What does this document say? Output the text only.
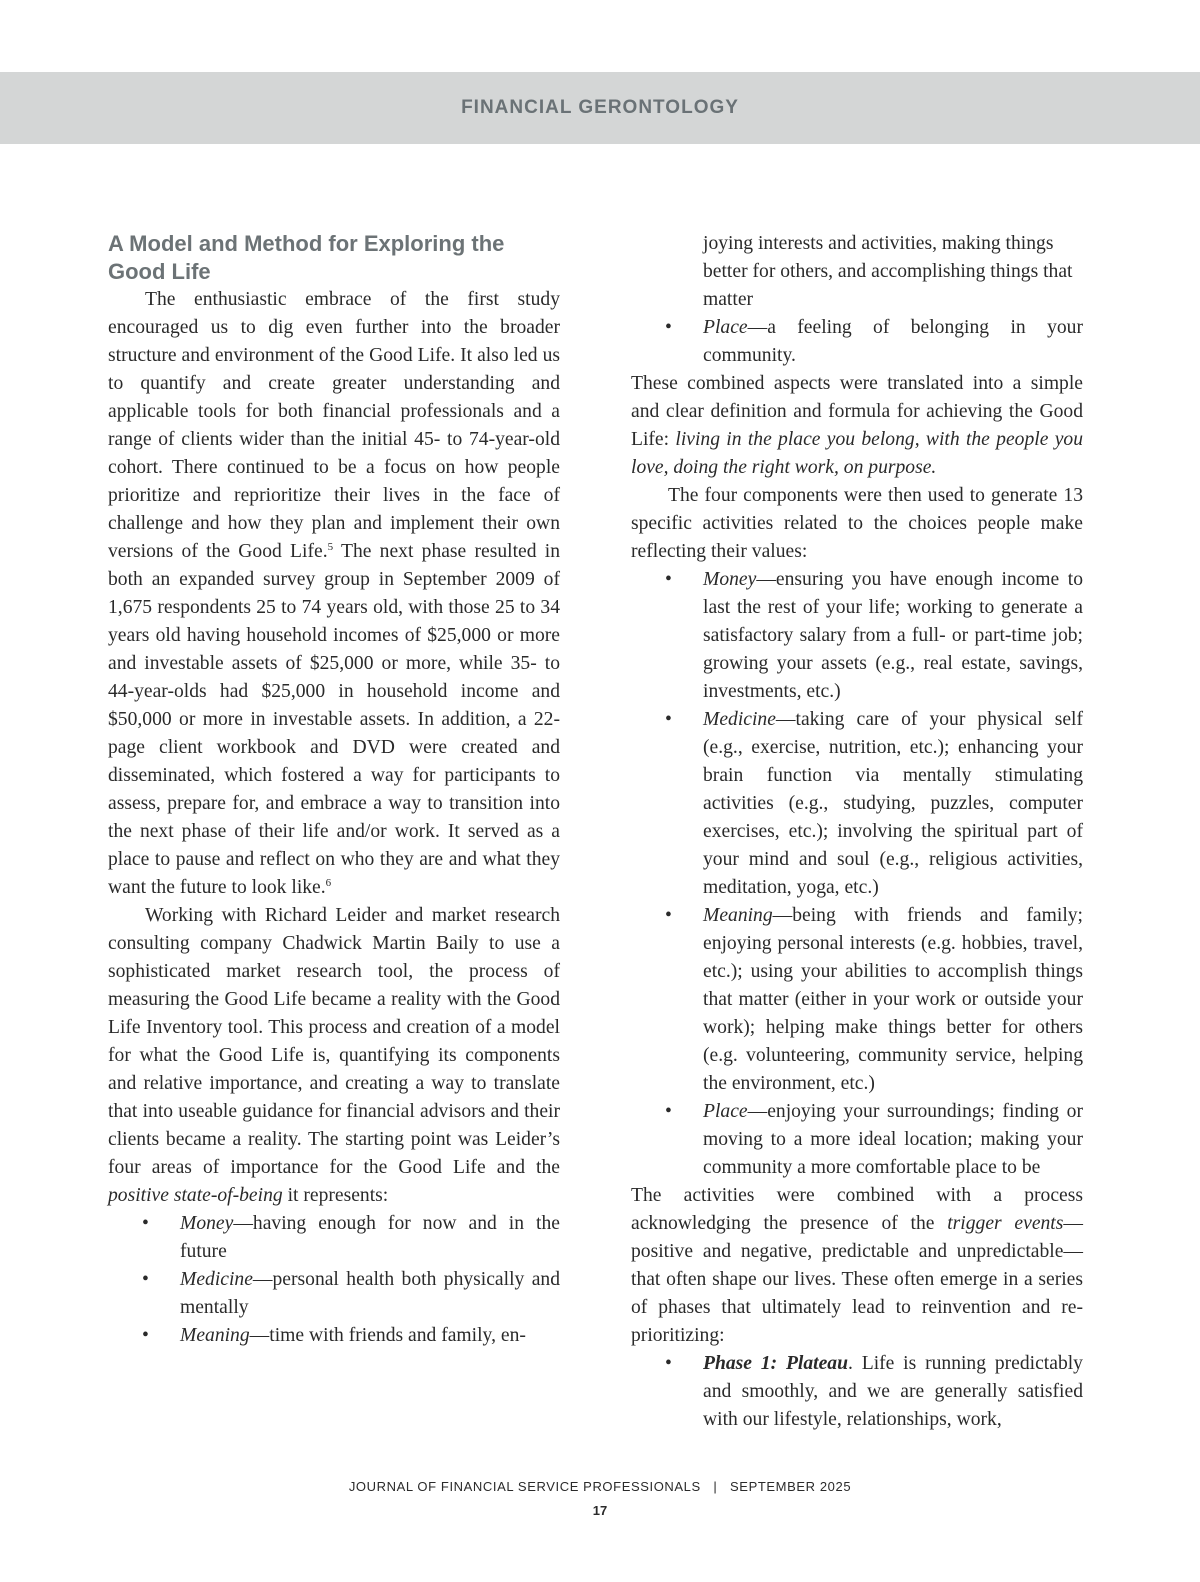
FINANCIAL GERONTOLOGY
A Model and Method for Exploring the Good Life

The enthusiastic embrace of the first study encouraged us to dig even further into the broader structure and environment of the Good Life. It also led us to quantify and create greater understanding and applicable tools for both financial professionals and a range of clients wider than the initial 45- to 74-year-old cohort. There continued to be a focus on how people prioritize and reprioritize their lives in the face of challenge and how they plan and implement their own versions of the Good Life.$^5$ The next phase resulted in both an expanded survey group in September 2009 of 1,675 respondents 25 to 74 years old, with those 25 to 34 years old having household incomes of $25,000 or more and investable assets of $25,000 or more, while 35- to 44-year-olds had $25,000 in household income and $50,000 or more in investable assets. In addition, a 22-page client workbook and DVD were created and disseminated, which fostered a way for participants to assess, prepare for, and embrace a way to transition into the next phase of their life and/or work. It served as a place to pause and reflect on who they are and what they want the future to look like.$^6$

Working with Richard Leider and market research consulting company Chadwick Martin Baily to use a sophisticated market research tool, the process of measuring the Good Life became a reality with the Good Life Inventory tool. This process and creation of a model for what the Good Life is, quantifying its components and relative importance, and creating a way to translate that into useable guidance for financial advisors and their clients became a reality. The starting point was Leider’s four areas of importance for the Good Life and the positive state-of-being it represents:

• Money—having enough for now and in the future
• Medicine—personal health both physically and mentally
• Meaning—time with friends and family, en-
joying interests and activities, making things better for others, and accomplishing things that matter
• Place—a feeling of belonging in your community.

These combined aspects were translated into a simple and clear definition and formula for achieving the Good Life: living in the place you belong, with the people you love, doing the right work, on purpose.

The four components were then used to generate 13 specific activities related to the choices people make reflecting their values:

• Money—ensuring you have enough income to last the rest of your life; working to generate a satisfactory salary from a full- or part-time job; growing your assets (e.g., real estate, savings, investments, etc.)
• Medicine—taking care of your physical self (e.g., exercise, nutrition, etc.); enhancing your brain function via mentally stimulating activities (e.g., studying, puzzles, computer exercises, etc.); involving the spiritual part of your mind and soul (e.g., religious activities, meditation, yoga, etc.)
• Meaning—being with friends and family; enjoying personal interests (e.g. hobbies, travel, etc.); using your abilities to accomplish things that matter (either in your work or outside your work); helping make things better for others (e.g. volunteering, community service, helping the environment, etc.)
• Place—enjoying your surroundings; finding or moving to a more ideal location; making your community a more comfortable place to be

The activities were combined with a process acknowledging the presence of the trigger events—positive and negative, predictable and unpredictable—that often shape our lives. These often emerge in a series of phases that ultimately lead to reinvention and re-prioritizing:

• Phase 1: Plateau. Life is running predictably and smoothly, and we are generally satisfied with our lifestyle, relationships, work,
JOURNAL OF FINANCIAL SERVICE PROFESSIONALS   |   SEPTEMBER 2025
17
